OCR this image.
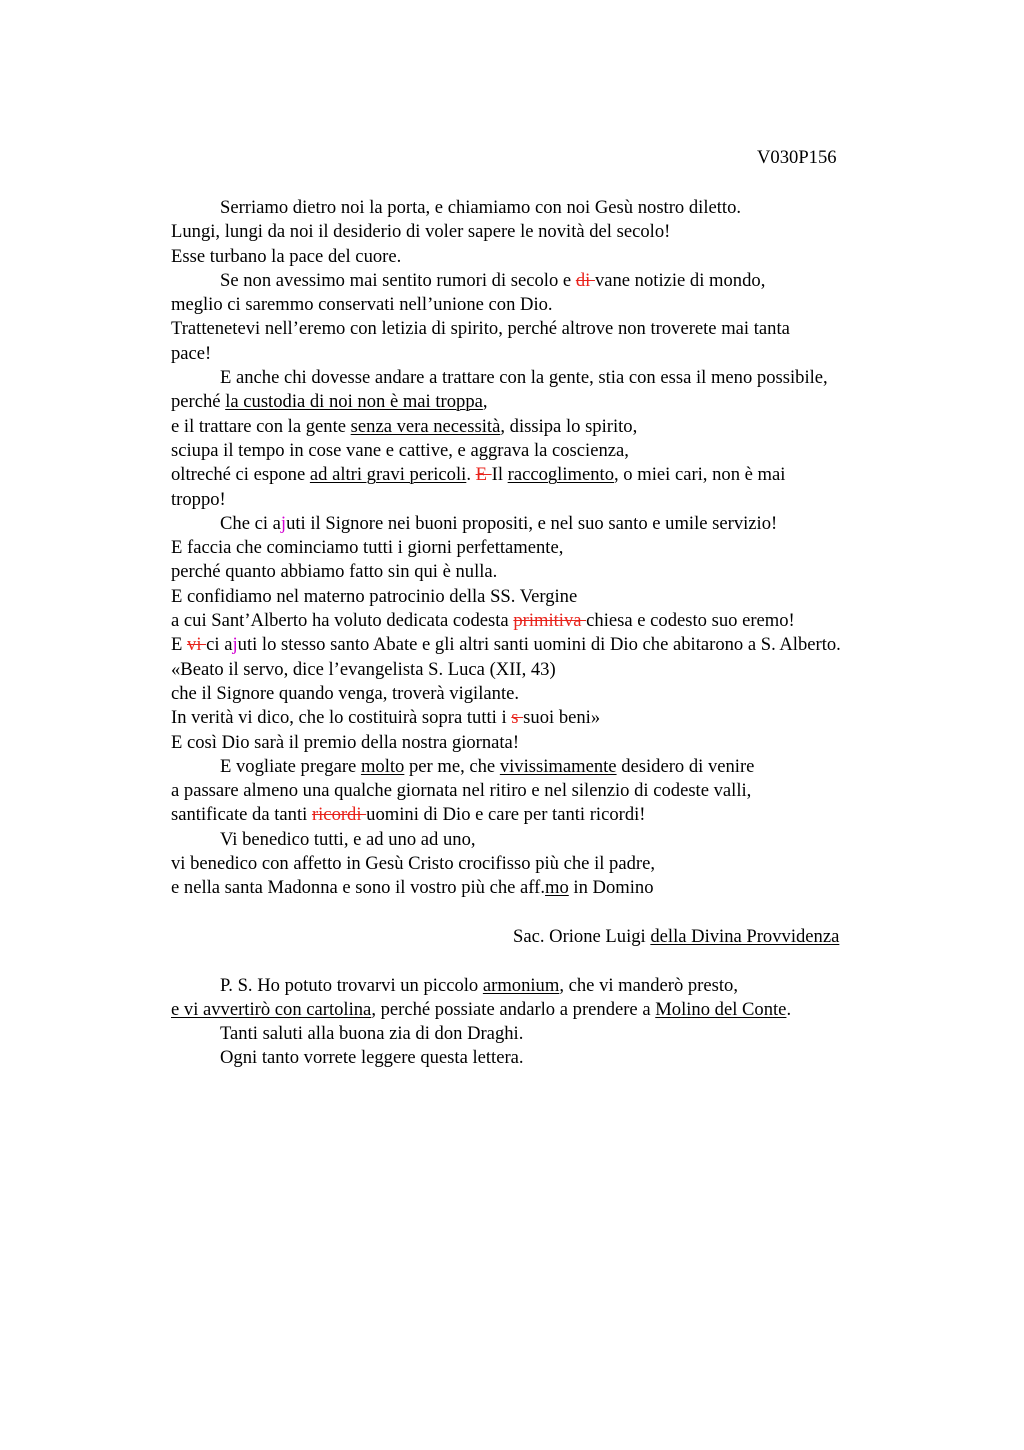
V030P156
Serriamo dietro noi la porta, e chiamiamo con noi Gesù nostro diletto.
Lungi, lungi da noi il desiderio di voler sapere le novità del secolo!
Esse turbano la pace del cuore.
Se non avessimo mai sentito rumori di secolo e di vane notizie di mondo,
meglio ci saremmo conservati nell’unione con Dio.
Trattenetevi nell’eremo con letizia di spirito, perché altrove non troverete mai tanta
pace!
E anche chi dovesse andare a trattare con la gente, stia con essa il meno possibile,
perché la custodia di noi non è mai troppa,
e il trattare con la gente senza vera necessità, dissipa lo spirito,
sciupa il tempo in cose vane e cattive, e aggrava la coscienza,
oltreché ci espone ad altri gravi pericoli. E Il raccoglimento, o miei cari, non è mai
troppo!
Che ci ajuti il Signore nei buoni propositi, e nel suo santo e umile servizio!
E faccia che cominciamo tutti i giorni perfettamente,
perché quanto abbiamo fatto sin qui è nulla.
E confidiamo nel materno patrocinio della SS. Vergine
a cui Sant’Alberto ha voluto dedicata codesta primitiva chiesa e codesto suo eremo!
E vi ci ajuti lo stesso santo Abate e gli altri santi uomini di Dio che abitarono a S. Alberto.
«Beato il servo, dice l’evangelista S. Luca (XII, 43)
che il Signore quando venga, troverà vigilante.
In verità vi dico, che lo costituirà sopra tutti i s suoi beni»
E così Dio sarà il premio della nostra giornata!
E vogliate pregare molto per me, che vivissimamente desidero di venire
a passare almeno una qualche giornata nel ritiro e nel silenzio di codeste valli,
santificate da tanti ricordi uomini di Dio e care per tanti ricordi!
Vi benedico tutti, e ad uno ad uno,
vi benedico con affetto in Gesù Cristo crocifisso più che il padre,
e nella santa Madonna e sono il vostro più che aff.mo in Domino
Sac. Orione Luigi della Divina Provvidenza
P. S. Ho potuto trovarvi un piccolo armonium, che vi manderò presto,
e vi avvertirò con cartolina, perché possiate andarlo a prendere a Molino del Conte.
Tanti saluti alla buona zia di don Draghi.
Ogni tanto vorrete leggere questa lettera.
